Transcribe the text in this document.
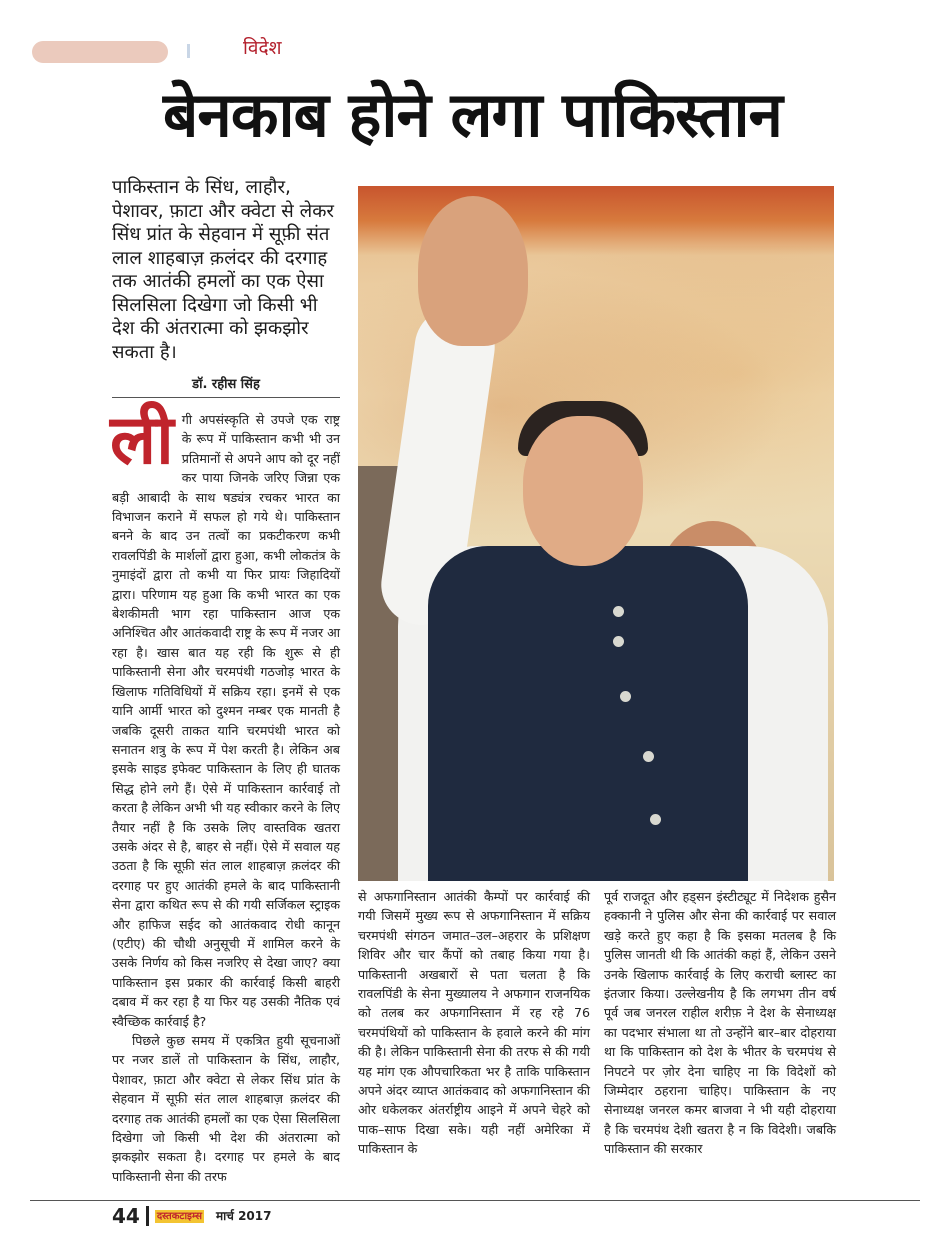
विदेश
बेनकाब होने लगा पाकिस्तान
पाकिस्तान के सिंध, लाहौर, पेशावर, फ़ाटा और क्वेटा से लेकर सिंध प्रांत के सेहवान में सूफ़ी संत लाल शाहबाज़ क़लंदर की दरगाह तक आतंकी हमलों का एक ऐसा सिलसिला दिखेगा जो किसी भी देश की अंतरात्मा को झकझोर सकता है।
डॉ. रहीस सिंह
ली गी अपसंस्कृति से उपजे एक राष्ट्र के रूप में पाकिस्तान कभी भी उन प्रतिमानों से अपने आप को दूर नहीं कर पाया जिनके जरिए जिन्ना एक बड़ी आबादी के साथ षड्यंत्र रचकर भारत का विभाजन कराने में सफल हो गये थे। पाकिस्तान बनने के बाद उन तत्वों का प्रकटीकरण कभी रावलपिंडी के मार्शलों द्वारा हुआ, कभी लोकतंत्र के नुमाइंदों द्वारा तो कभी या फिर प्रायः जिहादियों द्वारा। परिणाम यह हुआ कि कभी भारत का एक बेशकीमती भाग रहा पाकिस्तान आज एक अनिश्चित और आतंकवादी राष्ट्र के रूप में नजर आ रहा है। खास बात यह रही कि शुरू से ही पाकिस्तानी सेना और चरमपंथी गठजोड़ भारत के खिलाफ गतिविधियों में सक्रिय रहा। इनमें से एक यानि आर्मी भारत को दुश्मन नम्बर एक मानती है जबकि दूसरी ताकत यानि चरमपंथी भारत को सनातन शत्रु के रूप में पेश करती है। लेकिन अब इसके साइड इफेक्ट पाकिस्तान के लिए ही घातक सिद्ध होने लगे हैं। ऐसे में पाकिस्तान कार्रवाई तो करता है लेकिन अभी भी यह स्वीकार करने के लिए तैयार नहीं है कि उसके लिए वास्तविक खतरा उसके अंदर से है, बाहर से नहीं। ऐसे में सवाल यह उठता है कि सूफ़ी संत लाल शाहबाज़ क़लंदर की दरगाह पर हुए आतंकी हमले के बाद पाकिस्तानी सेना द्वारा कथित रूप से की गयी सर्जिकल स्ट्राइक और हाफिज सईद को आतंकवाद रोधी कानून (एटीए) की चौथी अनुसूची में शामिल करने के उसके निर्णय को किस नजरिए से देखा जाए? क्या पाकिस्तान इस प्रकार की कार्रवाई किसी बाहरी दबाव में कर रहा है या फिर यह उसकी नैतिक एवं स्वैच्छिक कार्रवाई है?

पिछले कुछ समय में एकत्रित हुयी सूचनाओं पर नजर डालें तो पाकिस्तान के सिंध, लाहौर, पेशावर, फ़ाटा और क्वेटा से लेकर सिंध प्रांत के सेहवान में सूफ़ी संत लाल शाहबाज़ क़लंदर की दरगाह तक आतंकी हमलों का एक ऐसा सिलसिला दिखेगा जो किसी भी देश की अंतरात्मा को झकझोर सकता है। दरगाह पर हमले के बाद पाकिस्तानी सेना की तरफ

से अफगानिस्तान आतंकी कैम्पों पर कार्रवाई की गयी जिसमें मुख्य रूप से अफगानिस्तान में सक्रिय चरमपंथी संगठन जमात–उल–अहरार के प्रशिक्षण शिविर और चार कैंपों को तबाह किया गया है। पाकिस्तानी अखबारों से पता चलता है कि रावलपिंडी के सेना मुख्यालय ने अफगान राजनयिक को तलब कर अफगानिस्तान में रह रहे 76 चरमपंथियों को पाकिस्तान के हवाले करने की मांग की है। लेकिन पाकिस्तानी सेना की तरफ से की गयी यह मांग एक औपचारिकता भर है ताकि पाकिस्तान अपने अंदर व्याप्त आतंकवाद को अफगानिस्तान की ओर धकेलकर अंतर्राष्ट्रीय आइने में अपने चेहरे को पाक–साफ दिखा सके। यही नहीं अमेरिका में पाकिस्तान के

पूर्व राजदूत और हड्सन इंस्टीट्यूट में निदेशक हुसैन हक्कानी ने पुलिस और सेना की कार्रवाई पर सवाल खड़े करते हुए कहा है कि इसका मतलब है कि पुलिस जानती थी कि आतंकी कहां हैं, लेकिन उसने उनके खिलाफ कार्रवाई के लिए कराची ब्लास्ट का इंतजार किया। उल्लेखनीय है कि लगभग तीन वर्ष पूर्व जब जनरल राहील शरीफ़ ने देश के सेनाध्यक्ष का पदभार संभाला था तो उन्होंने बार–बार दोहराया था कि पाकिस्तान को देश के भीतर के चरमपंथ से निपटने पर ज़ोर देना चाहिए ना कि विदेशों को जिम्मेदार ठहराना चाहिए। पाकिस्तान के नए सेनाध्यक्ष जनरल कमर बाजवा ने भी यही दोहराया है कि चरमपंथ देशी खतरा है न कि विदेशी। जबकि पाकिस्तान की सरकार

44 दस्तकटाइम्स मार्च 2017
